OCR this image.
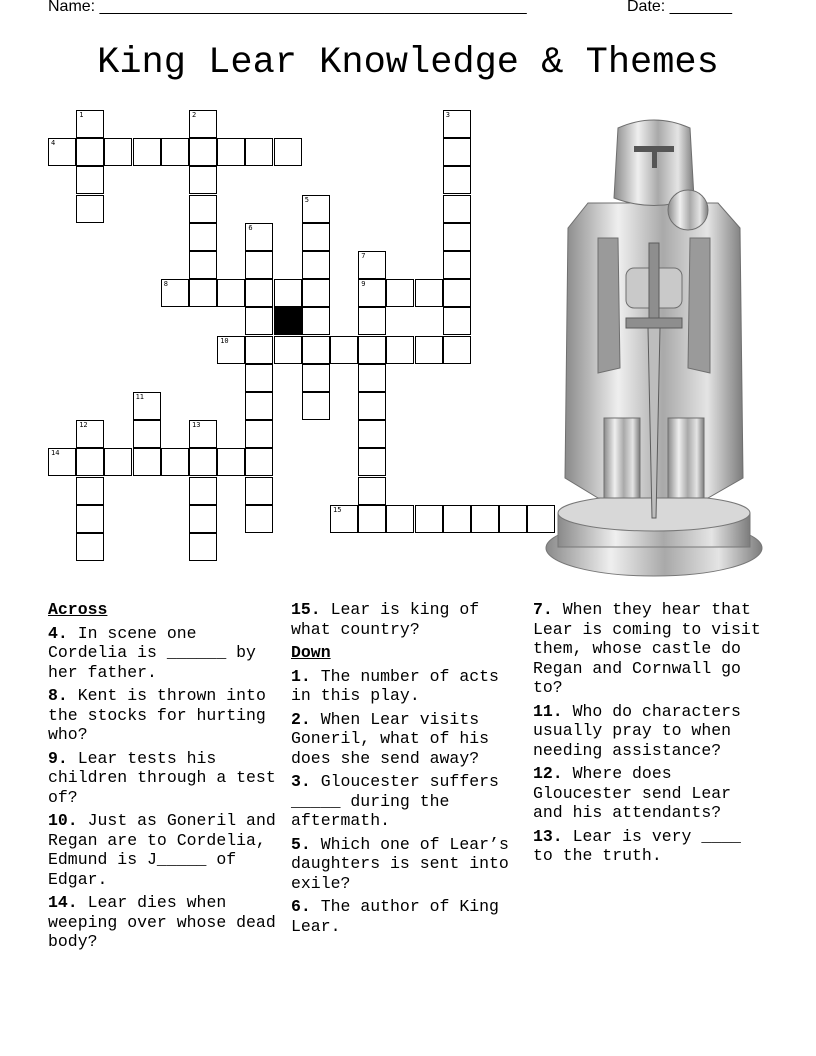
Name: ________________________________________________	Date: _______
King Lear Knowledge & Themes
4
1	2	3
5
6
7
9
8
10
11
12	13
14
15
Across
4. In scene one Cordelia is ______ by her father.
8. Kent is thrown into the stocks for hurting who?
9. Lear tests his children through a test of?
10. Just as Goneril and Regan are to Cordelia, Edmund is J_____ of Edgar.
14. Lear dies when weeping over whose dead body?
15. Lear is king of what country?
Down
1. The number of acts in this play.
2. When Lear visits Goneril, what of his does she send away?
3. Gloucester suffers _____ during the aftermath.
5. Which one of Lear’s daughters is sent into exile?
6. The author of King Lear.
7. When they hear that Lear is coming to visit them, whose castle do Regan and Cornwall go to?
11. Who do characters usually pray to when needing assistance?
12. Where does Gloucester send Lear and his attendants?
13. Lear is very ____ to the truth.
